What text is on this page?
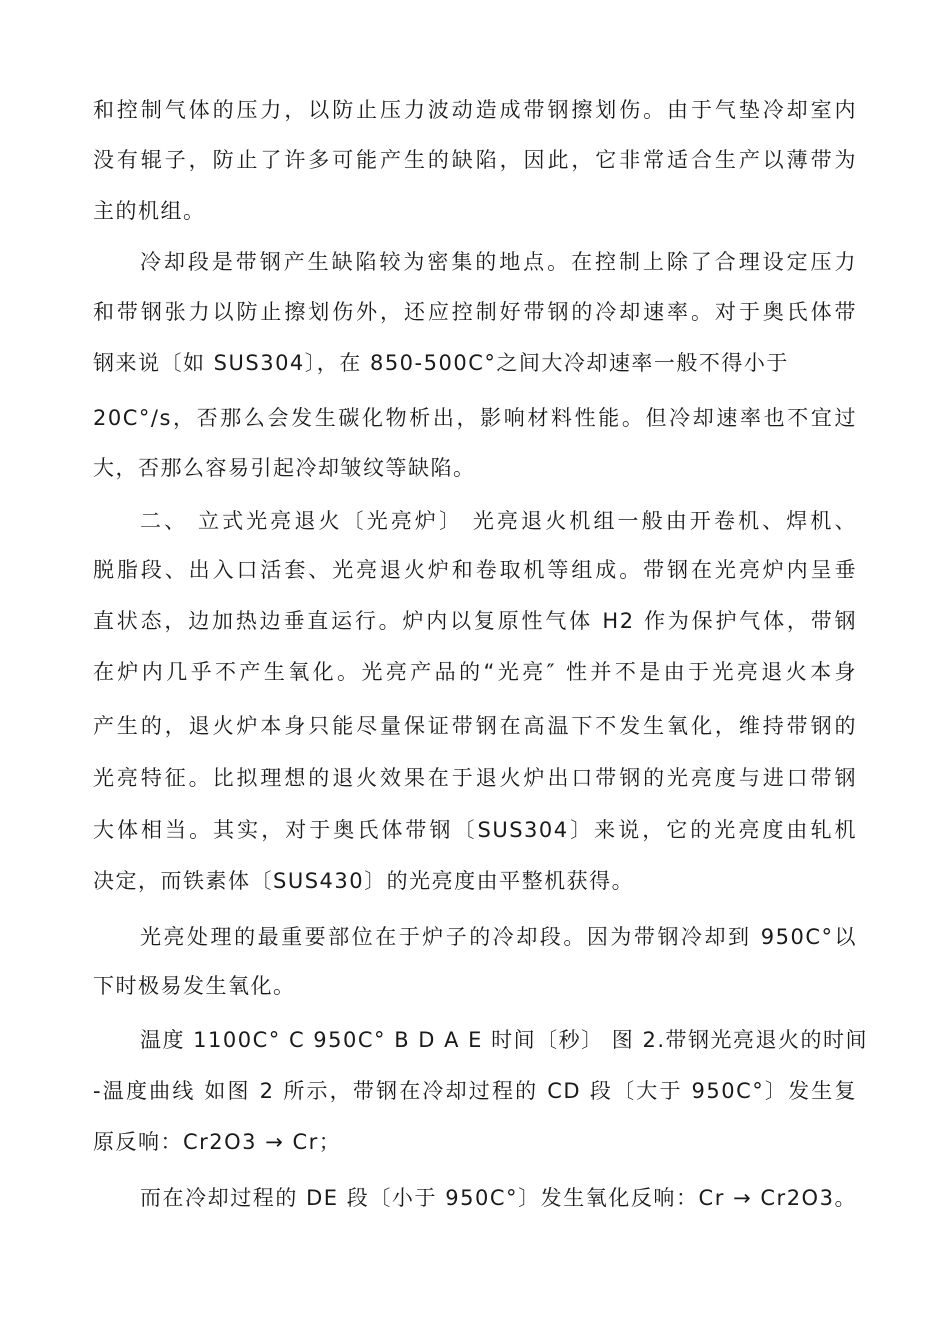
和控制气体的压力，以防止压力波动造成带钢擦划伤。由于气垫冷却室内
没有辊子，防止了许多可能产生的缺陷，因此，它非常适合生产以薄带为
主的机组。
冷却段是带钢产生缺陷较为密集的地点。在控制上除了合理设定压力
和带钢张力以防止擦划伤外，还应控制好带钢的冷却速率。对于奥氏体带
钢来说〔如 SUS304〕，在 850-500C°之间大冷却速率一般不得小于
20C°/s，否那么会发生碳化物析出，影响材料性能。但冷却速率也不宜过
大，否那么容易引起冷却皱纹等缺陷。
二、 立式光亮退火〔光亮炉〕 光亮退火机组一般由开卷机、焊机、
脱脂段、出入口活套、光亮退火炉和卷取机等组成。带钢在光亮炉内呈垂
直状态，边加热边垂直运行。炉内以复原性气体 H2 作为保护气体，带钢
在炉内几乎不产生氧化。光亮产品的“光亮″ 性并不是由于光亮退火本身
产生的，退火炉本身只能尽量保证带钢在高温下不发生氧化，维持带钢的
光亮特征。比拟理想的退火效果在于退火炉出口带钢的光亮度与进口带钢
大体相当。其实，对于奥氏体带钢〔SUS304〕来说，它的光亮度由轧机
决定，而铁素体〔SUS430〕的光亮度由平整机获得。
光亮处理的最重要部位在于炉子的冷却段。因为带钢冷却到 950C°以
下时极易发生氧化。
温度 1100C° C 950C° B D A E 时间〔秒〕 图 2.带钢光亮退火的时间
-温度曲线 如图 2 所示，带钢在冷却过程的 CD 段〔大于 950C°〕发生复
原反响：Cr2O3 → Cr；
而在冷却过程的 DE 段〔小于 950C°〕发生氧化反响：Cr → Cr2O3。
